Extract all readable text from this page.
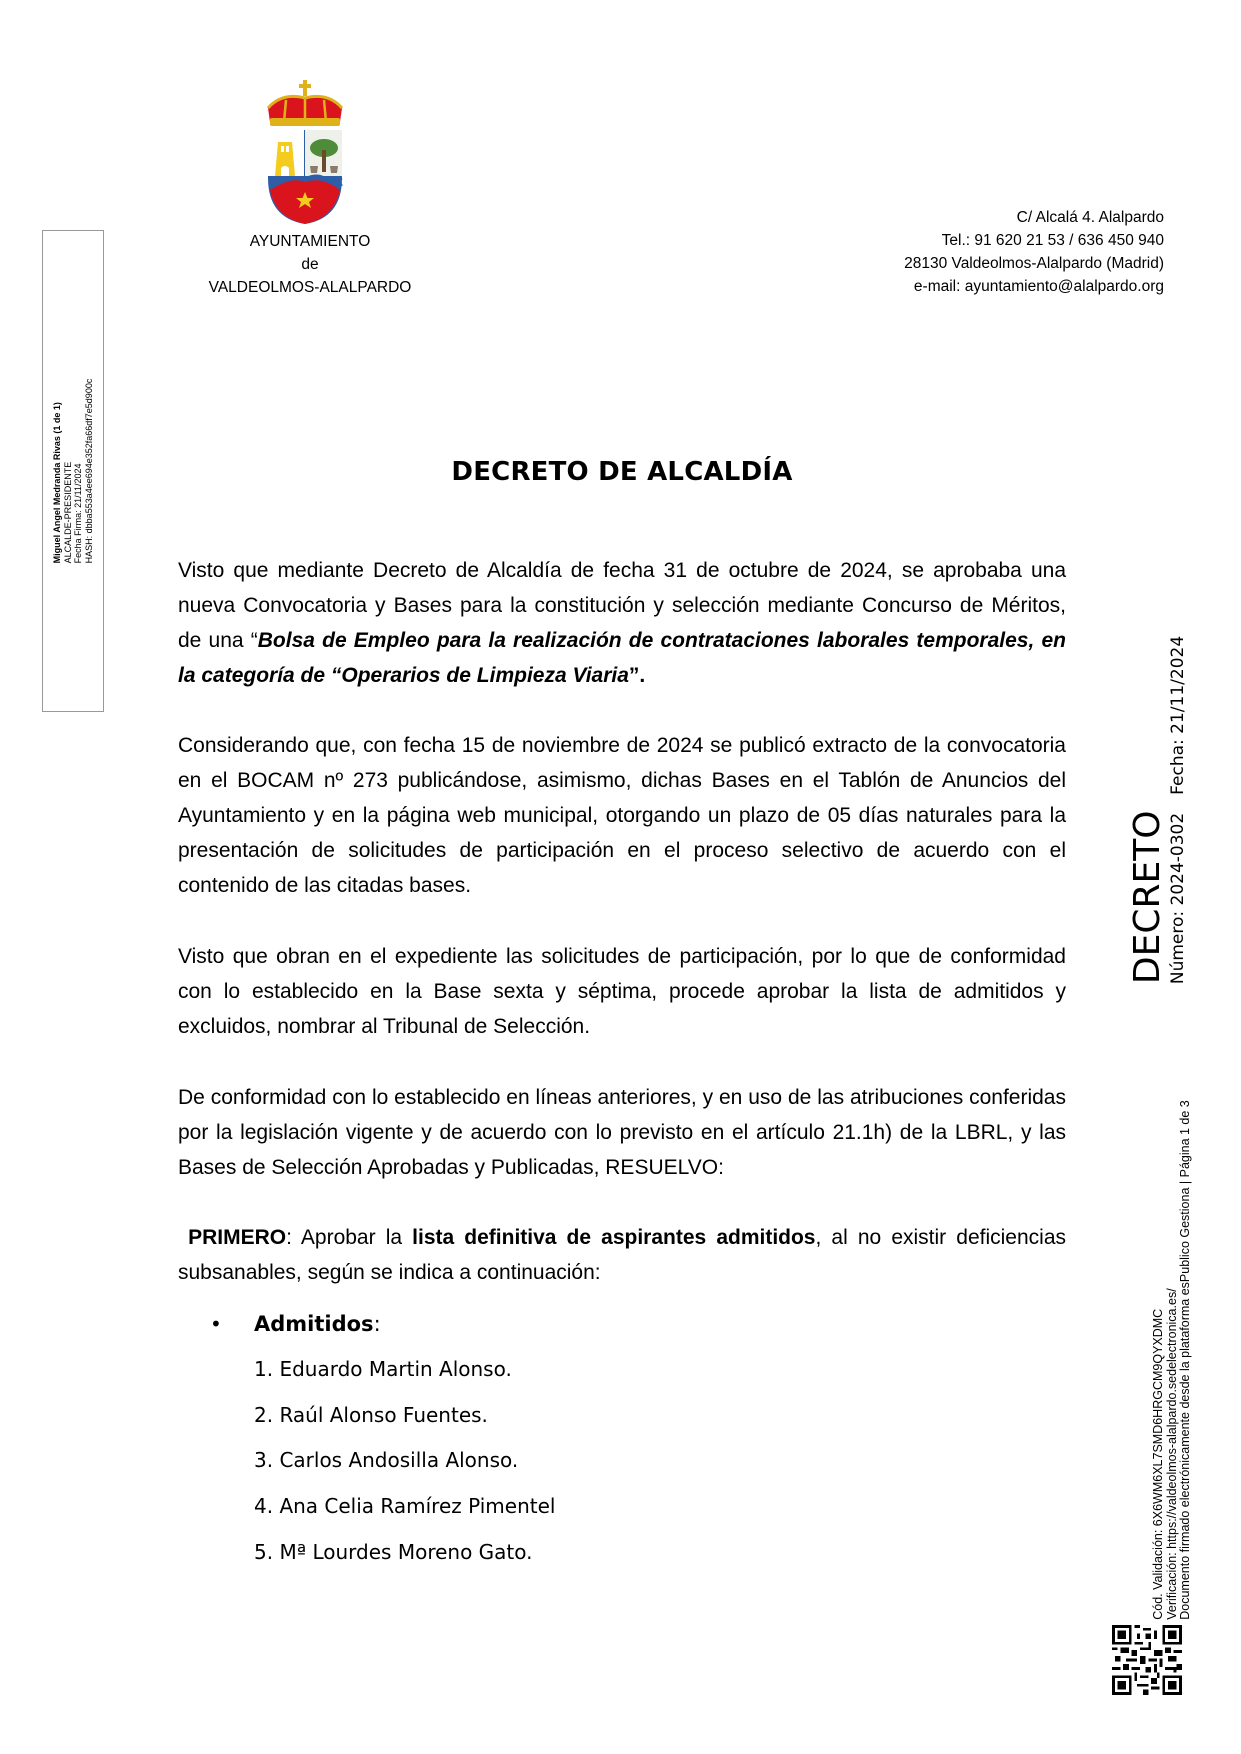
AYUNTAMIENTO
de
VALDEOLMOS-ALALPARDO
C/ Alcalá 4. Alalpardo
Tel.: 91 620 21 53 / 636 450 940
28130 Valdeolmos-Alalpardo (Madrid)
e-mail: ayuntamiento@alalpardo.org
Miguel Angel Medranda Rivas (1 de 1) ALCALDE-PRESIDENTE Fecha Firma: 21/11/2024 HASH: dbba553a4ee694e352fa66df7e5d900c	DECRETO DE ALCALDÍA
Visto que mediante Decreto de Alcaldía de fecha 31 de octubre de 2024, se aprobaba una nueva Convocatoria y Bases para la constitución y selección mediante Concurso de Méritos, de una “Bolsa de Empleo para la realización de contrataciones laborales temporales, en la categoría de “Operarios de Limpieza Viaria”.
Considerando que, con fecha 15 de noviembre de 2024 se publicó extracto de la convocatoria en el BOCAM nº 273 publicándose, asimismo, dichas Bases en el Tablón de Anuncios del Ayuntamiento y en la página web municipal, otorgando un plazo de 05 días naturales para la presentación de solicitudes de participación en el proceso selectivo de acuerdo con el contenido de las citadas bases.
Visto que obran en el expediente las solicitudes de participación, por lo que de conformidad con lo establecido en la Base sexta y séptima, procede aprobar la lista de admitidos y excluidos, nombrar al Tribunal de Selección.
De conformidad con lo establecido en líneas anteriores, y en uso de las atribuciones conferidas por la legislación vigente y de acuerdo con lo previsto en el artículo 21.1h) de la LBRL, y las Bases de Selección Aprobadas y Publicadas, RESUELVO:
PRIMERO: Aprobar la lista definitiva de aspirantes admitidos, al no existir deficiencias subsanables, según se indica a continuación:
• Admitidos:
1. Eduardo Martin Alonso.
2. Raúl Alonso Fuentes.
3. Carlos Andosilla Alonso.
4. Ana Celia Ramírez Pimentel
5. Mª Lourdes Moreno Gato.
DECRETO Número: 2024-0302Fecha: 21/11/2024
Cód. Validación: 6X6WM6XL7SMD6HRGCM9QYXDMC Verificación: https://valdeolmos-alalpardo.sedelectronica.es/ Documento firmado electrónicamente desde la plataforma esPublico Gestiona | Página 1 de 3
